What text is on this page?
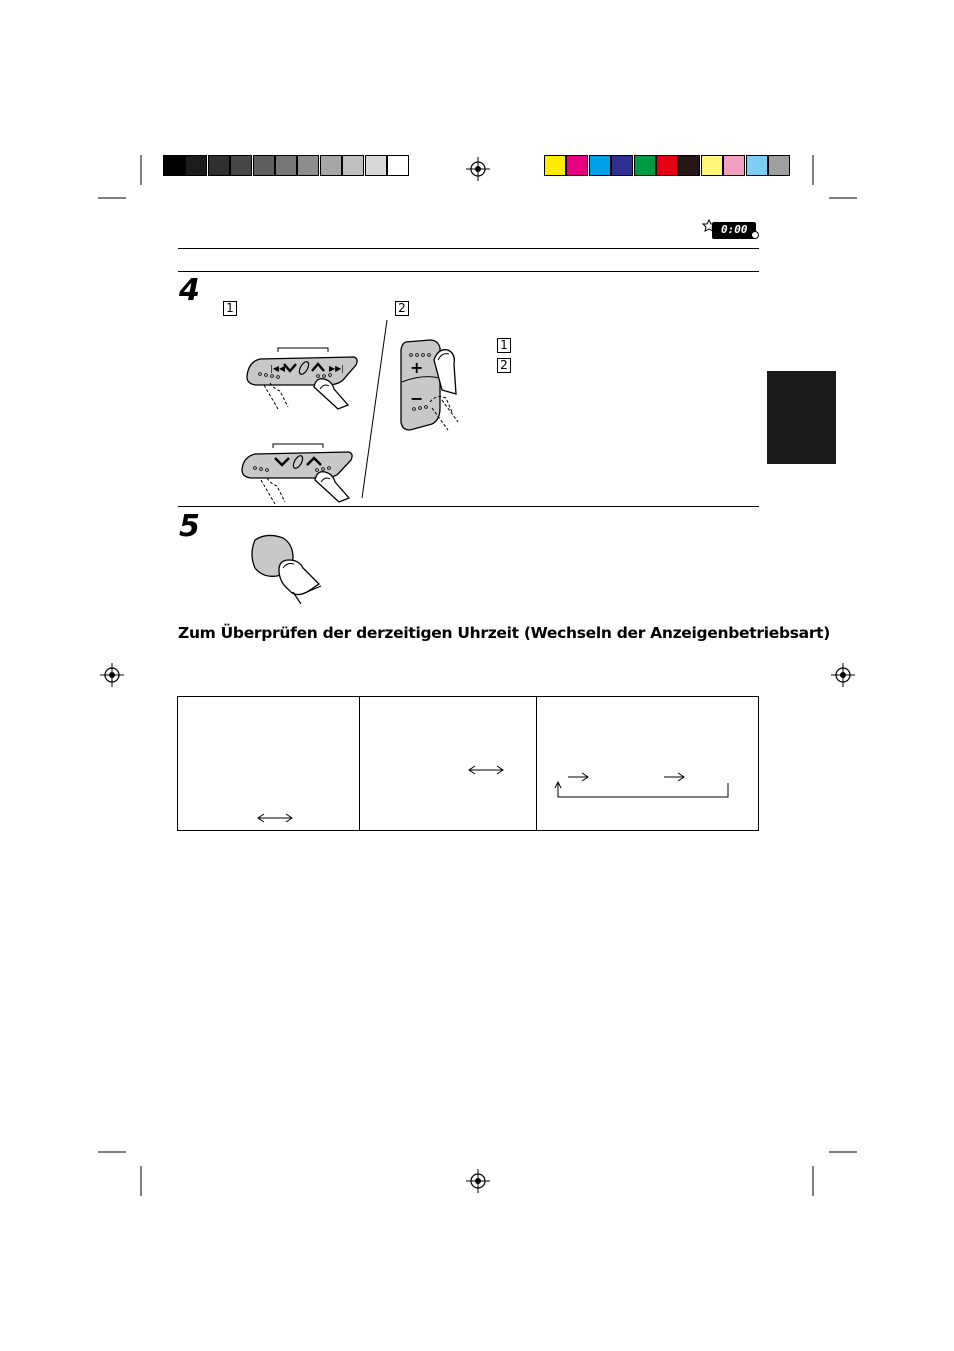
0:00
4 1	2
1
2
|◀◀	▶▶|	+
−
5
Zum Überprüfen der derzeitigen Uhrzeit (Wechseln der Anzeigenbetriebsart)
